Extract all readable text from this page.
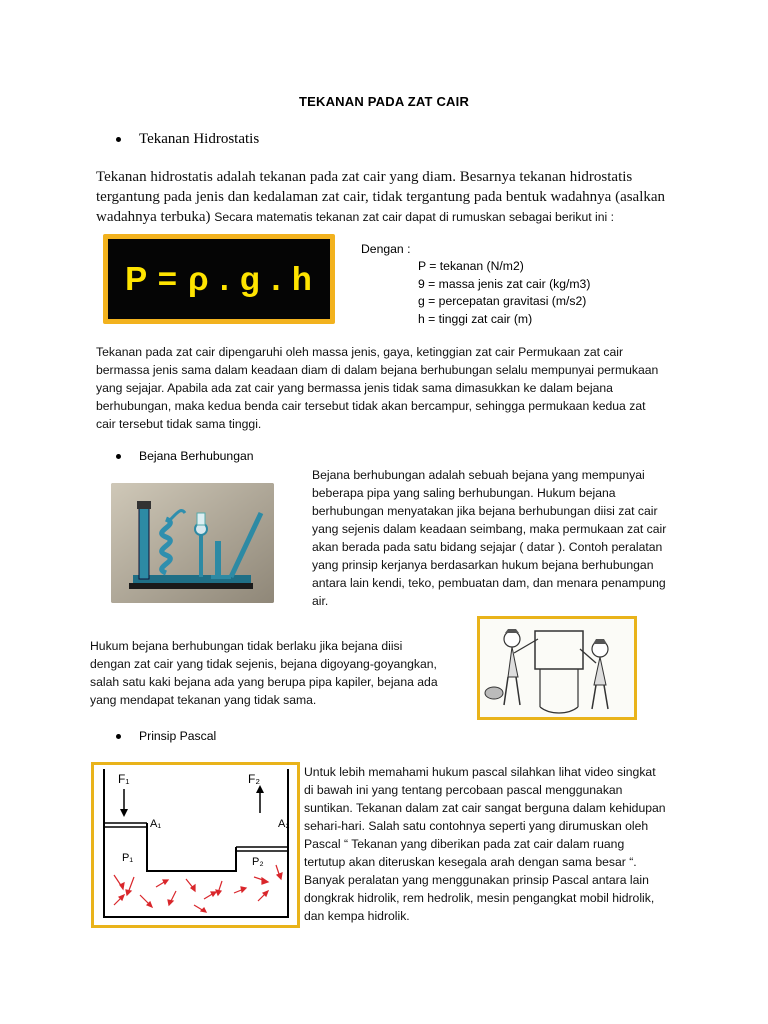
TEKANAN PADA ZAT CAIR
Tekanan Hidrostatis
Tekanan hidrostatis adalah tekanan pada zat cair yang diam. Besarnya tekanan hidrostatis
tergantung pada jenis dan kedalaman zat cair, tidak tergantung pada bentuk wadahnya (asalkan
wadahnya terbuka) Secara matematis tekanan zat cair dapat di rumuskan sebagai berikut ini :
P = ρ . g . h
Dengan :
P = tekanan (N/m2)
9 = massa jenis zat cair (kg/m3)
g = percepatan gravitasi (m/s2)
h = tinggi zat cair (m)
Tekanan pada zat cair dipengaruhi oleh massa jenis, gaya, ketinggian zat cair Permukaan zat cair
bermassa jenis sama dalam keadaan diam di dalam bejana berhubungan selalu mempunyai permukaan
yang sejajar. Apabila ada zat cair yang bermassa jenis tidak sama dimasukkan ke dalam bejana
berhubungan, maka kedua benda cair tersebut tidak akan bercampur, sehingga permukaan kedua zat
cair tersebut tidak sama tinggi.
Bejana Berhubungan
Bejana berhubungan adalah sebuah bejana yang mempunyai
beberapa pipa yang saling berhubungan. Hukum bejana
berhubungan menyatakan jika bejana berhubungan diisi zat cair
yang sejenis dalam keadaan seimbang, maka permukaan zat cair
akan berada pada satu bidang sejajar ( datar ). Contoh peralatan
yang prinsip kerjanya berdasarkan hukum bejana berhubungan
antara lain kendi, teko, pembuatan dam, dan menara penampung
air.
Hukum bejana berhubungan tidak berlaku jika bejana diisi
dengan zat cair yang tidak sejenis, bejana digoyang-goyangkan,
salah satu kaki bejana ada yang berupa pipa kapiler, bejana ada
yang mendapat tekanan yang tidak sama.
Prinsip Pascal
F₁	F₂
A₁	A₂
P₁	P₂
Untuk lebih memahami hukum pascal silahkan lihat video singkat
di bawah ini yang tentang percobaan pascal menggunakan
suntikan. Tekanan dalam zat cair sangat berguna dalam kehidupan
sehari-hari. Salah satu contohnya seperti yang dirumuskan oleh
Pascal “ Tekanan yang diberikan pada zat cair dalam ruang
tertutup akan diteruskan kesegala arah dengan sama besar “.
Banyak peralatan yang menggunakan prinsip Pascal antara lain
dongkrak hidrolik, rem hedrolik, mesin pengangkat mobil hidrolik,
dan kempa hidrolik.
